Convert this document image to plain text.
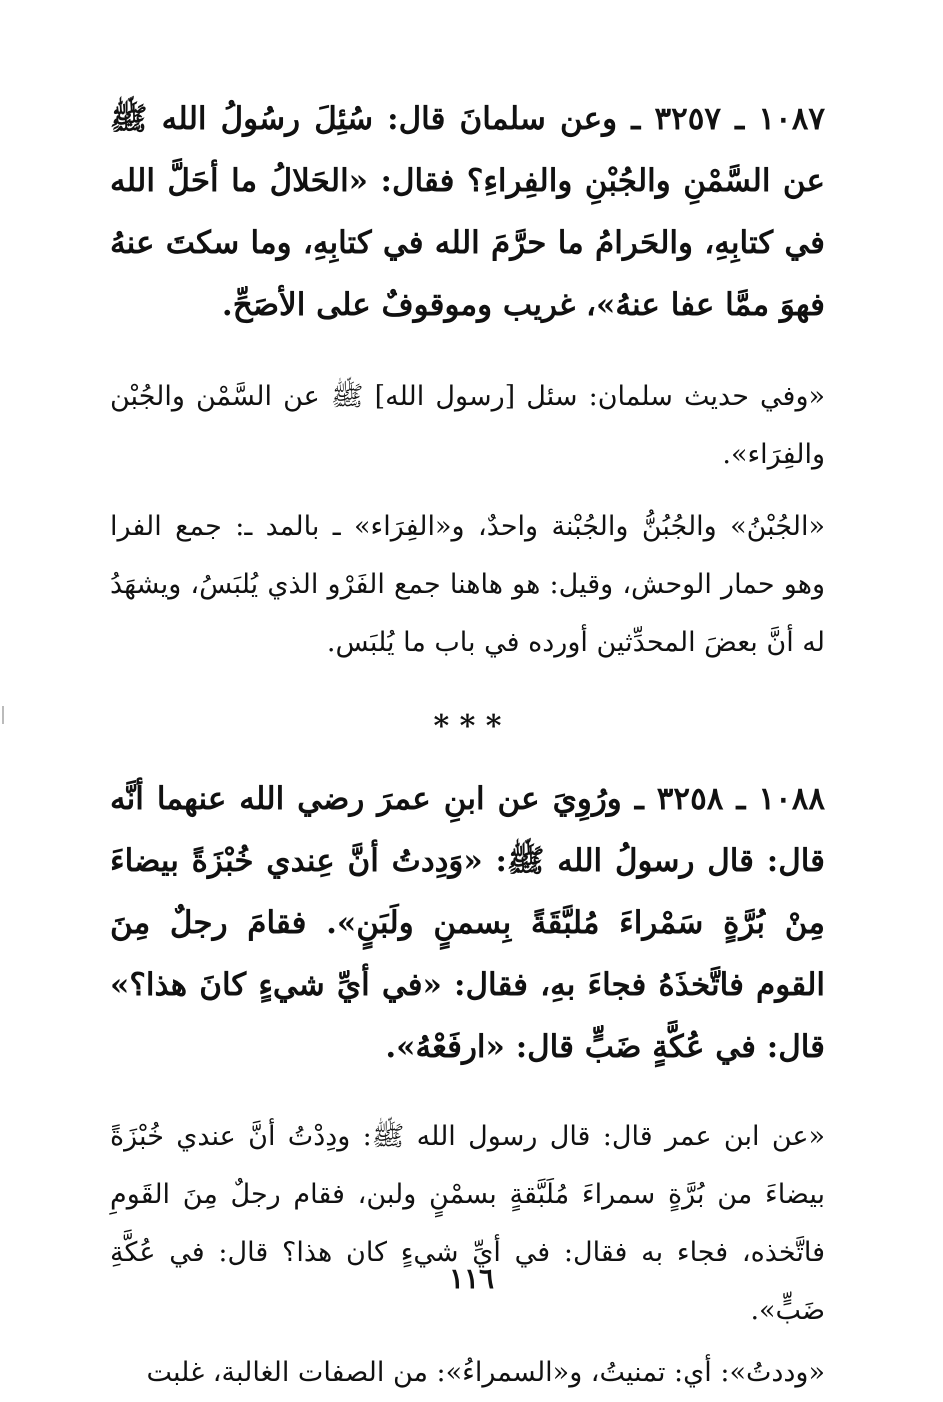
١٠٨٧ ـ ٣٢٥٧ ـ وعن سلمانَ قال: سُئِلَ رسُولُ الله ﷺ عن السَّمْنِ والجُبْنِ والفِراءِ؟ فقال: «الحَلالُ ما أحَلَّ الله في كتابِهِ، والحَرامُ ما حرَّمَ الله في كتابِهِ، وما سكتَ عنهُ فهوَ ممَّا عفا عنهُ»، غريب وموقوفٌ على الأصَحِّ.

«وفي حديث سلمان: سئل [رسول الله] ﷺ عن السَّمْن والجُبْن والفِرَاء».

«الجُبْنُ» والجُبُنُّ والجُبْنة واحدٌ، و«الفِرَاء» ـ بالمد ـ: جمع الفرا وهو حمار الوحش، وقيل: هو هاهنا جمع الفَرْو الذي يُلبَسُ، ويشهَدُ له أنَّ بعضَ المحدِّثين أورده في باب ما يُلبَس.

* * *

١٠٨٨ ـ ٣٢٥٨ ـ ورُوِيَ عن ابنِ عمرَ رضي الله عنهما أنَّه قال: قال رسولُ الله ﷺ: «وَدِدتُ أنَّ عِندي خُبْزَةً بيضاءَ مِنْ بُرَّةٍ سَمْراءَ مُلبَّقَةً بِسمنٍ ولَبَنٍ». فقامَ رجلٌ مِنَ القوم فاتَّخذَهُ فجاءَ بهِ، فقال: «في أيِّ شيءٍ كانَ هذا؟» قال: في عُكَّةٍ ضَبٍّ قال: «ارفَعْهُ».

«عن ابن عمر قال: قال رسول الله ﷺ: ودِدْتُ أنَّ عندي خُبْزَةً بيضاءَ من بُرَّةٍ سمراءَ مُلَبَّقةٍ بسمْنٍ ولبن، فقام رجلٌ مِنَ القَومِ فاتَّخذه، فجاء به فقال: في أيِّ شيءٍ كان هذا؟ قال: في عُكَّةِ ضَبٍّ».

«وددتُ»: أي: تمنيتُ، و«السمراءُ»: من الصفات الغالبة، غلبت

١١٦
